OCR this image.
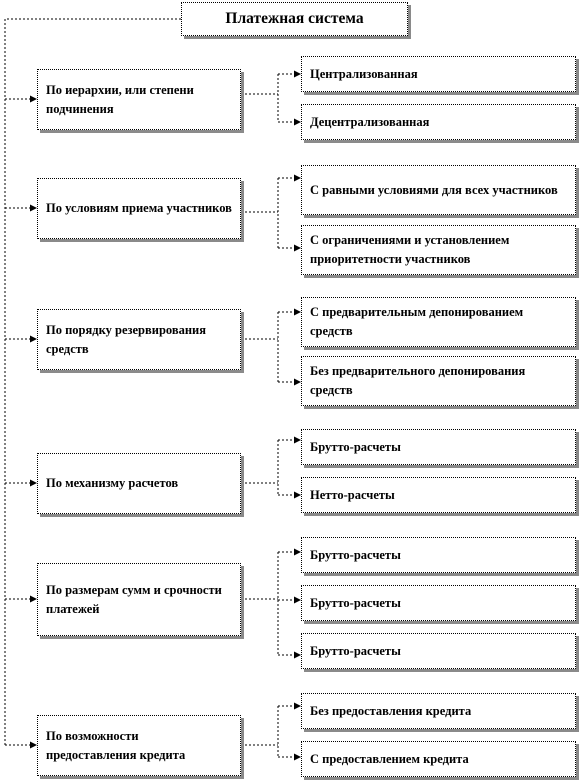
Платежная система
По иерархии, или степени подчинения
По условиям приема участников
По порядку резервирования средств
По механизму расчетов
По размерам сумм и срочности платежей
По возможности предоставления кредита
Централизованная
Децентрализованная
С равными условиями для всех участников
С ограничениями и установлением приоритетности участников
С предварительным депонированием средств
Без предварительного депонирования средств
Брутто-расчеты
Нетто-расчеты
Брутто-расчеты
Брутто-расчеты
Брутто-расчеты
Без предоставления кредита
С предоставлением кредита
